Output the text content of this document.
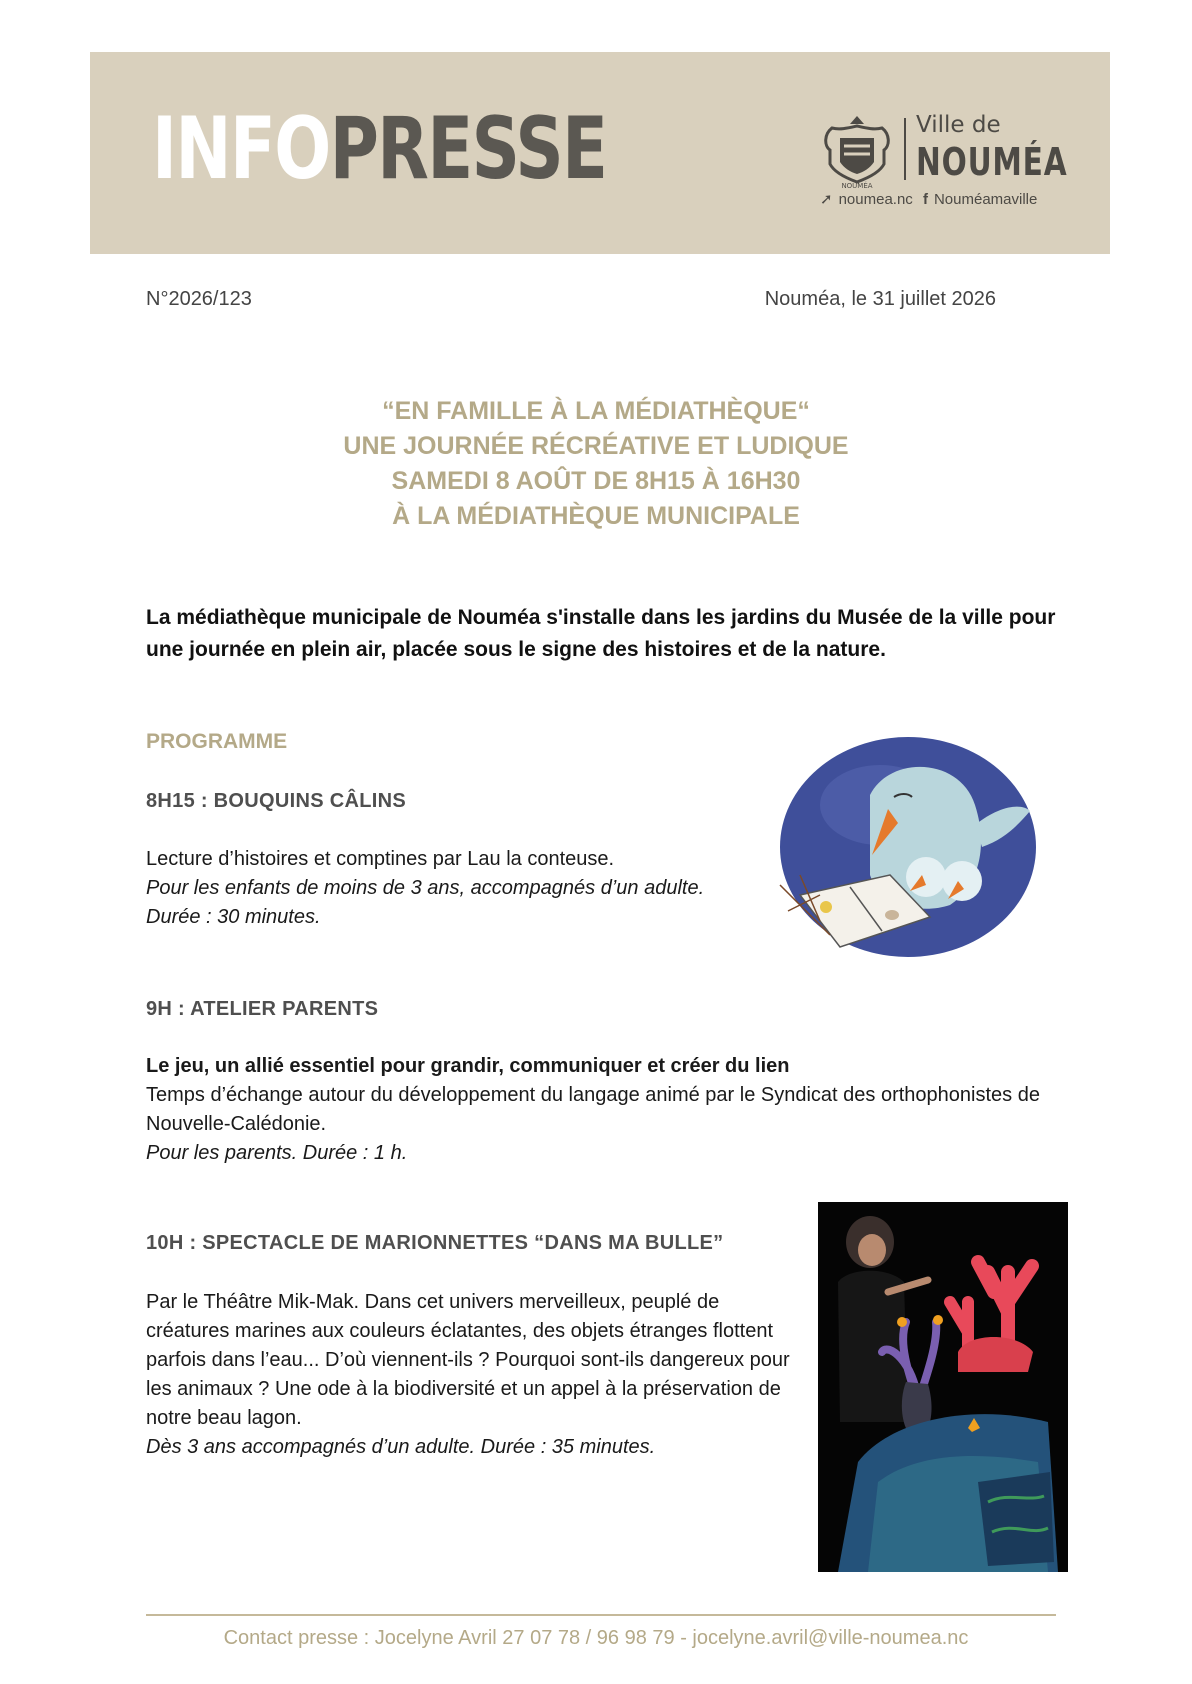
INFOPRESSE	NOUMÉA
Ville de
NOUMÉA
➚ noumea.nc f Nouméamaville
N°2026/123	Nouméa, le 31 juillet 2026
“EN FAMILLE À LA MÉDIATHÈQUE“
UNE JOURNÉE RÉCRÉATIVE ET LUDIQUE
SAMEDI 8 AOÛT DE 8H15 À 16H30
À LA MÉDIATHÈQUE MUNICIPALE
La médiathèque municipale de Nouméa s'installe dans les jardins du Musée de la ville pour une journée en plein air, placée sous le signe des histoires et de la nature.
PROGRAMME
8H15 : BOUQUINS CÂLINS

Lecture d’histoires et comptines par Lau la conteuse.

Pour les enfants de moins de 3 ans, accompagnés d’un adulte. Durée : 30 minutes.

9H : ATELIER PARENTS

Le jeu, un allié essentiel pour grandir, communiquer et créer du lien

Temps d’échange autour du développement du langage animé par le Syndicat des orthophonistes de Nouvelle-Calédonie.

Pour les parents. Durée : 1 h.

10H : SPECTACLE DE MARIONNETTES “DANS MA BULLE”

Par le Théâtre Mik-Mak. Dans cet univers merveilleux, peuplé de créatures marines aux couleurs éclatantes, des objets étranges flottent parfois dans l’eau... D’où viennent-ils ? Pourquoi sont-ils dangereux pour les animaux ? Une ode à la biodiversité et un appel à la préservation de notre beau lagon.

Dès 3 ans accompagnés d’un adulte. Durée : 35 minutes.

Contact presse : Jocelyne Avril 27 07 78 / 96 98 79 - jocelyne.avril@ville-noumea.nc
